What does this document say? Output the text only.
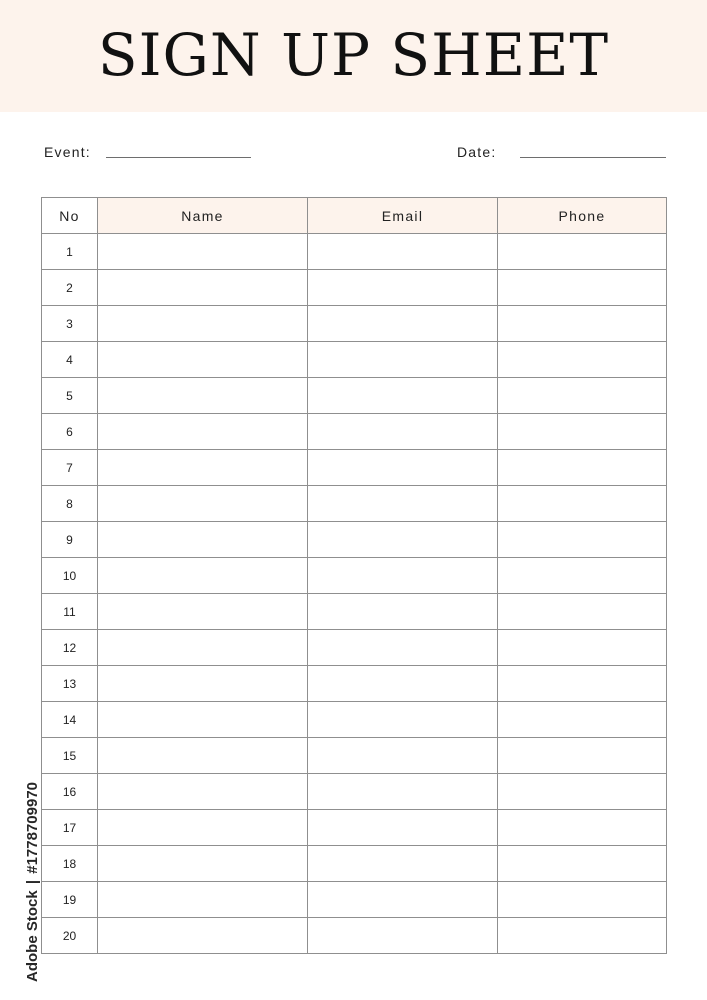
SIGN UP SHEET
Event:	Date:
No	Name	Email	Phone
1			
2			
3			
4			
5			
6			
7			
8			
9			
10			
11			
12			
13			
14			
15			
16			
17			
18			
19			
20			
Adobe Stock | #1778709970
